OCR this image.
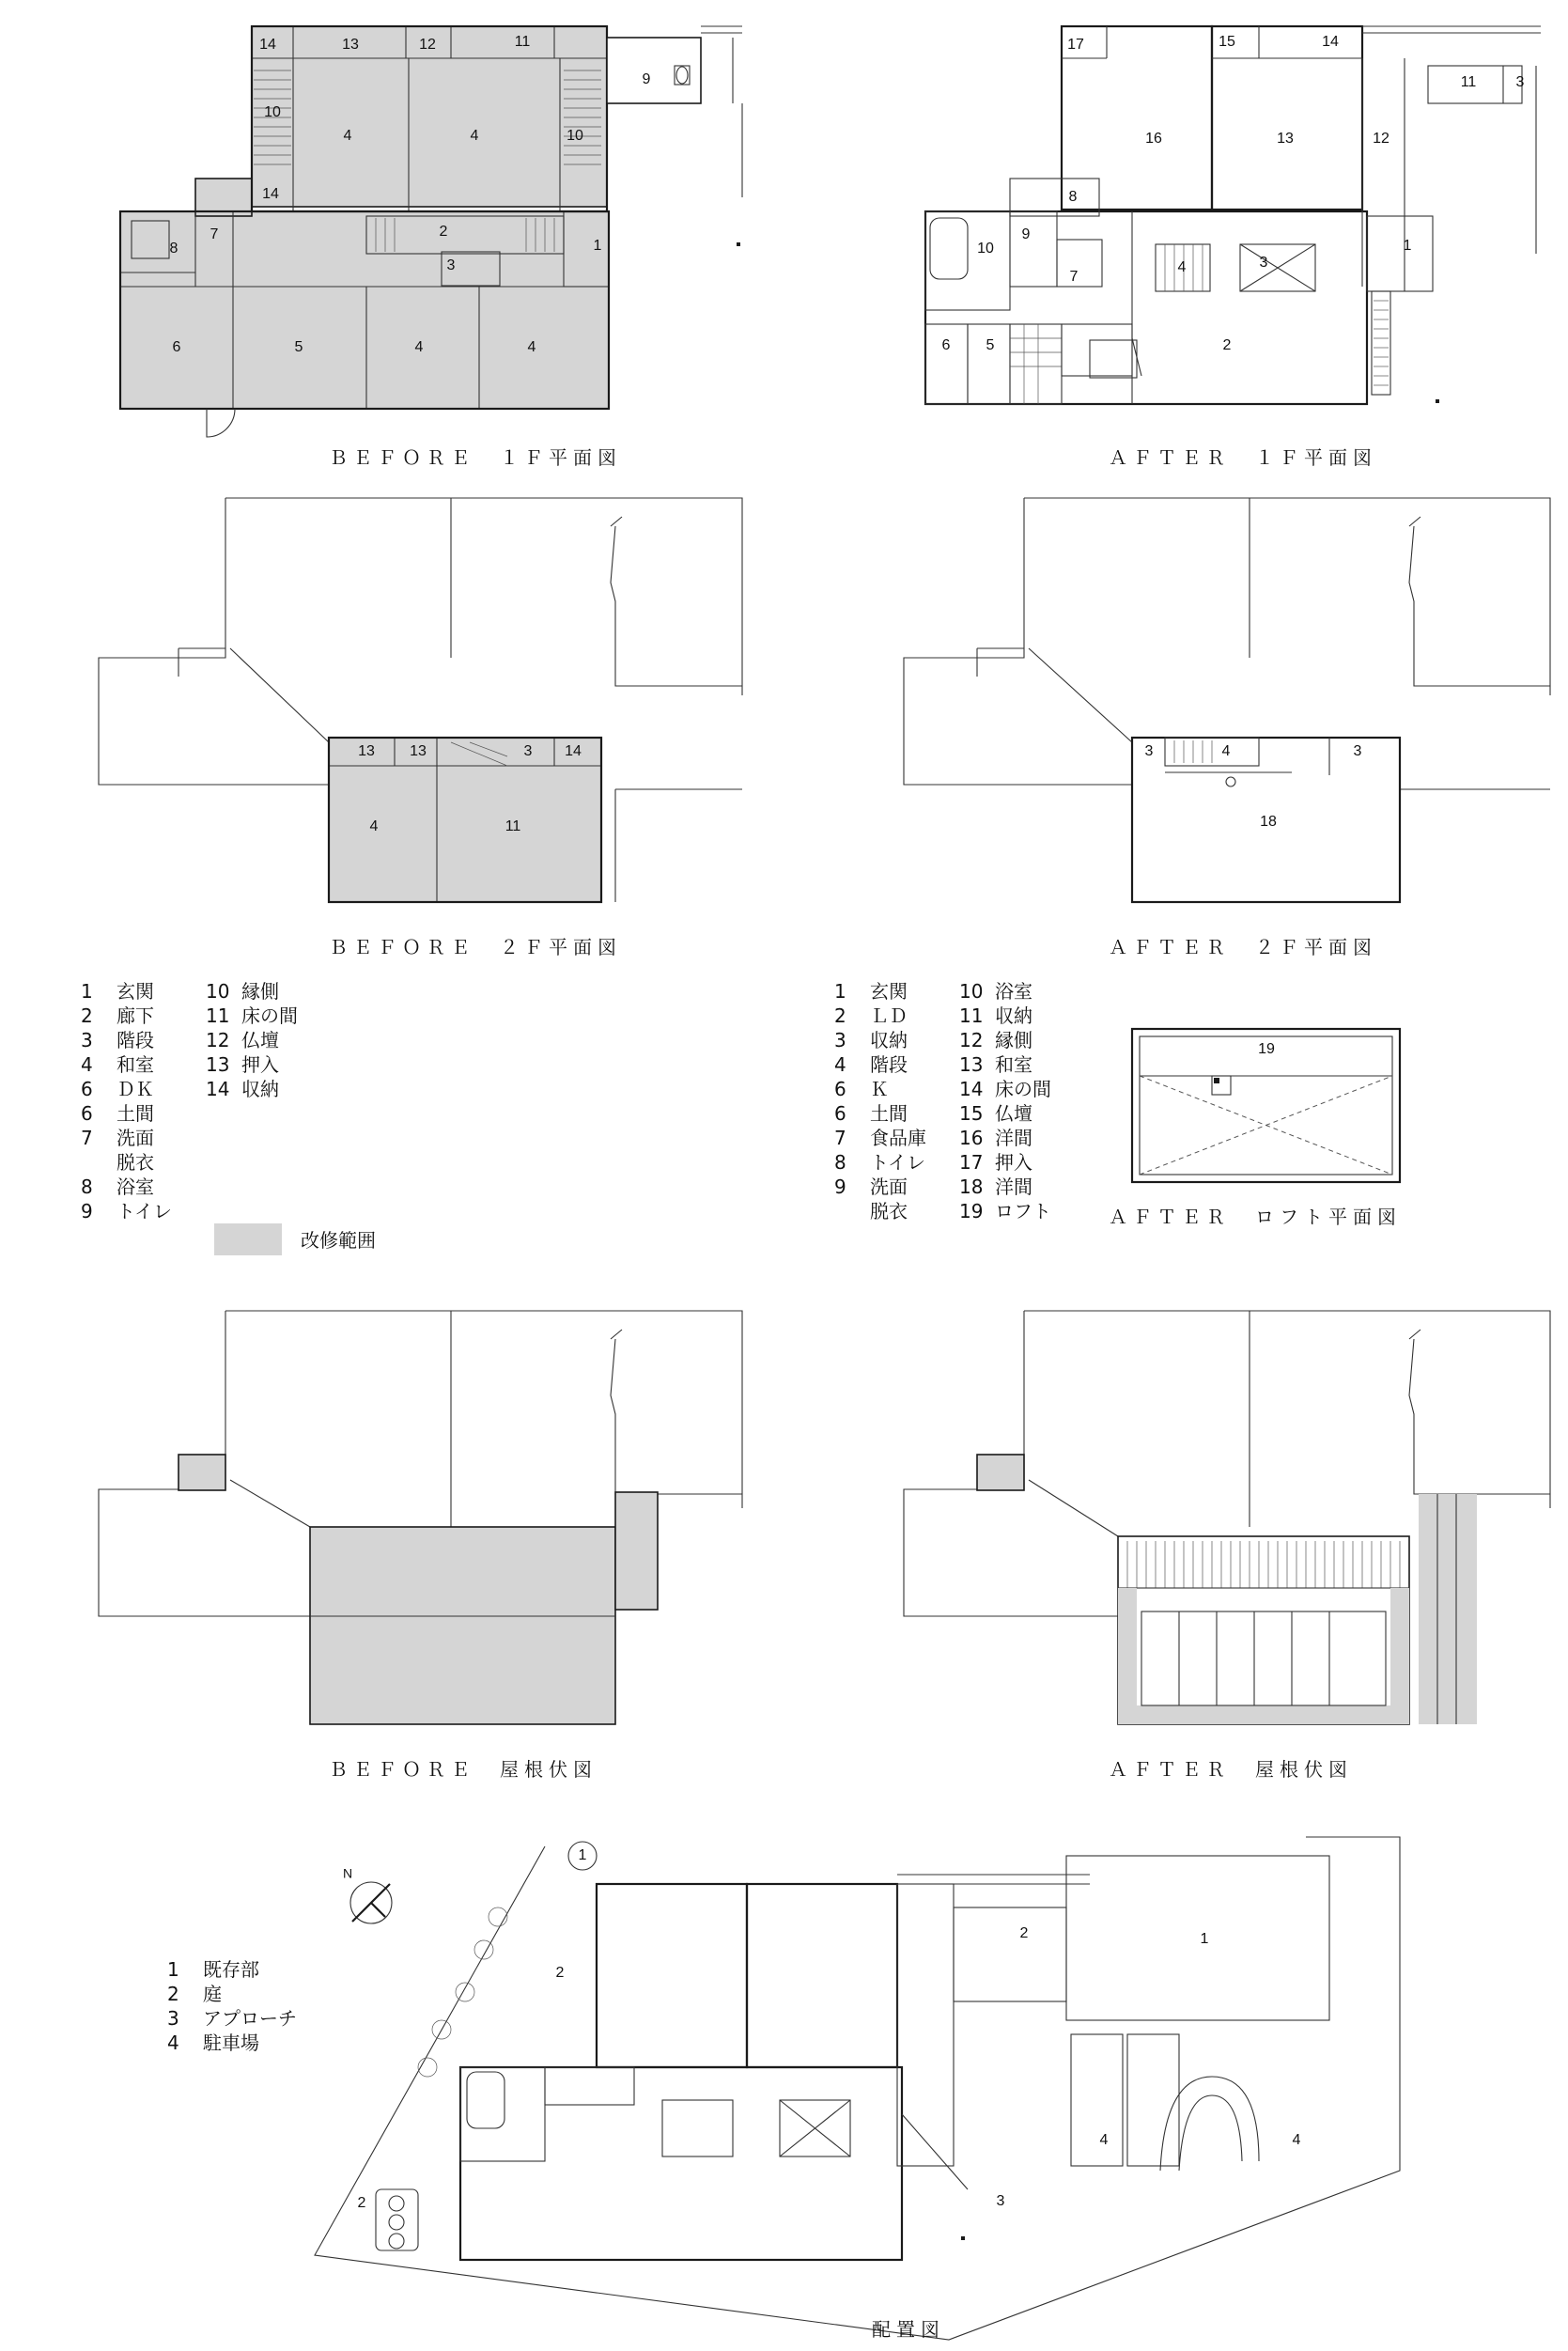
N
14	13	12	11
9
10
4	4	10
14
8
7	2
3
1
6	5	4	4
17	15	14
11	3
16	13	12
8
10
9
7
4	3
1
6 5	2
13 13	3 14
4	11
3	4	3
18
19
1
2
1
2
2	3
4	4
ＢＥＦＯＲＥ　１Ｆ平面図	ＡＦＴＥＲ　１Ｆ平面図
ＢＥＦＯＲＥ　２Ｆ平面図	ＡＦＴＥＲ　２Ｆ平面図
ＡＦＴＥＲ　ロフト平面図
ＢＥＦＯＲＥ　屋根伏図	ＡＦＴＥＲ　屋根伏図
配置図
1 玄関
2 廊下
3 階段
4 和室
6 ＤＫ
6 土間
7 洗面
脱衣
8 浴室
9 トイレ
10 縁側
11 床の間
12 仏壇
13 押入
14 収納
1 玄関
2 ＬＤ
3 収納
4 階段
6 Ｋ
6 土間
7 食品庫
8 トイレ
9 洗面
脱衣
10 浴室
11 収納
12 縁側
13 和室
14 床の間
15 仏壇
16 洋間
17 押入
18 洋間
19 ロフト
1 既存部
2 庭
3 アプローチ
4 駐車場
改修範囲
